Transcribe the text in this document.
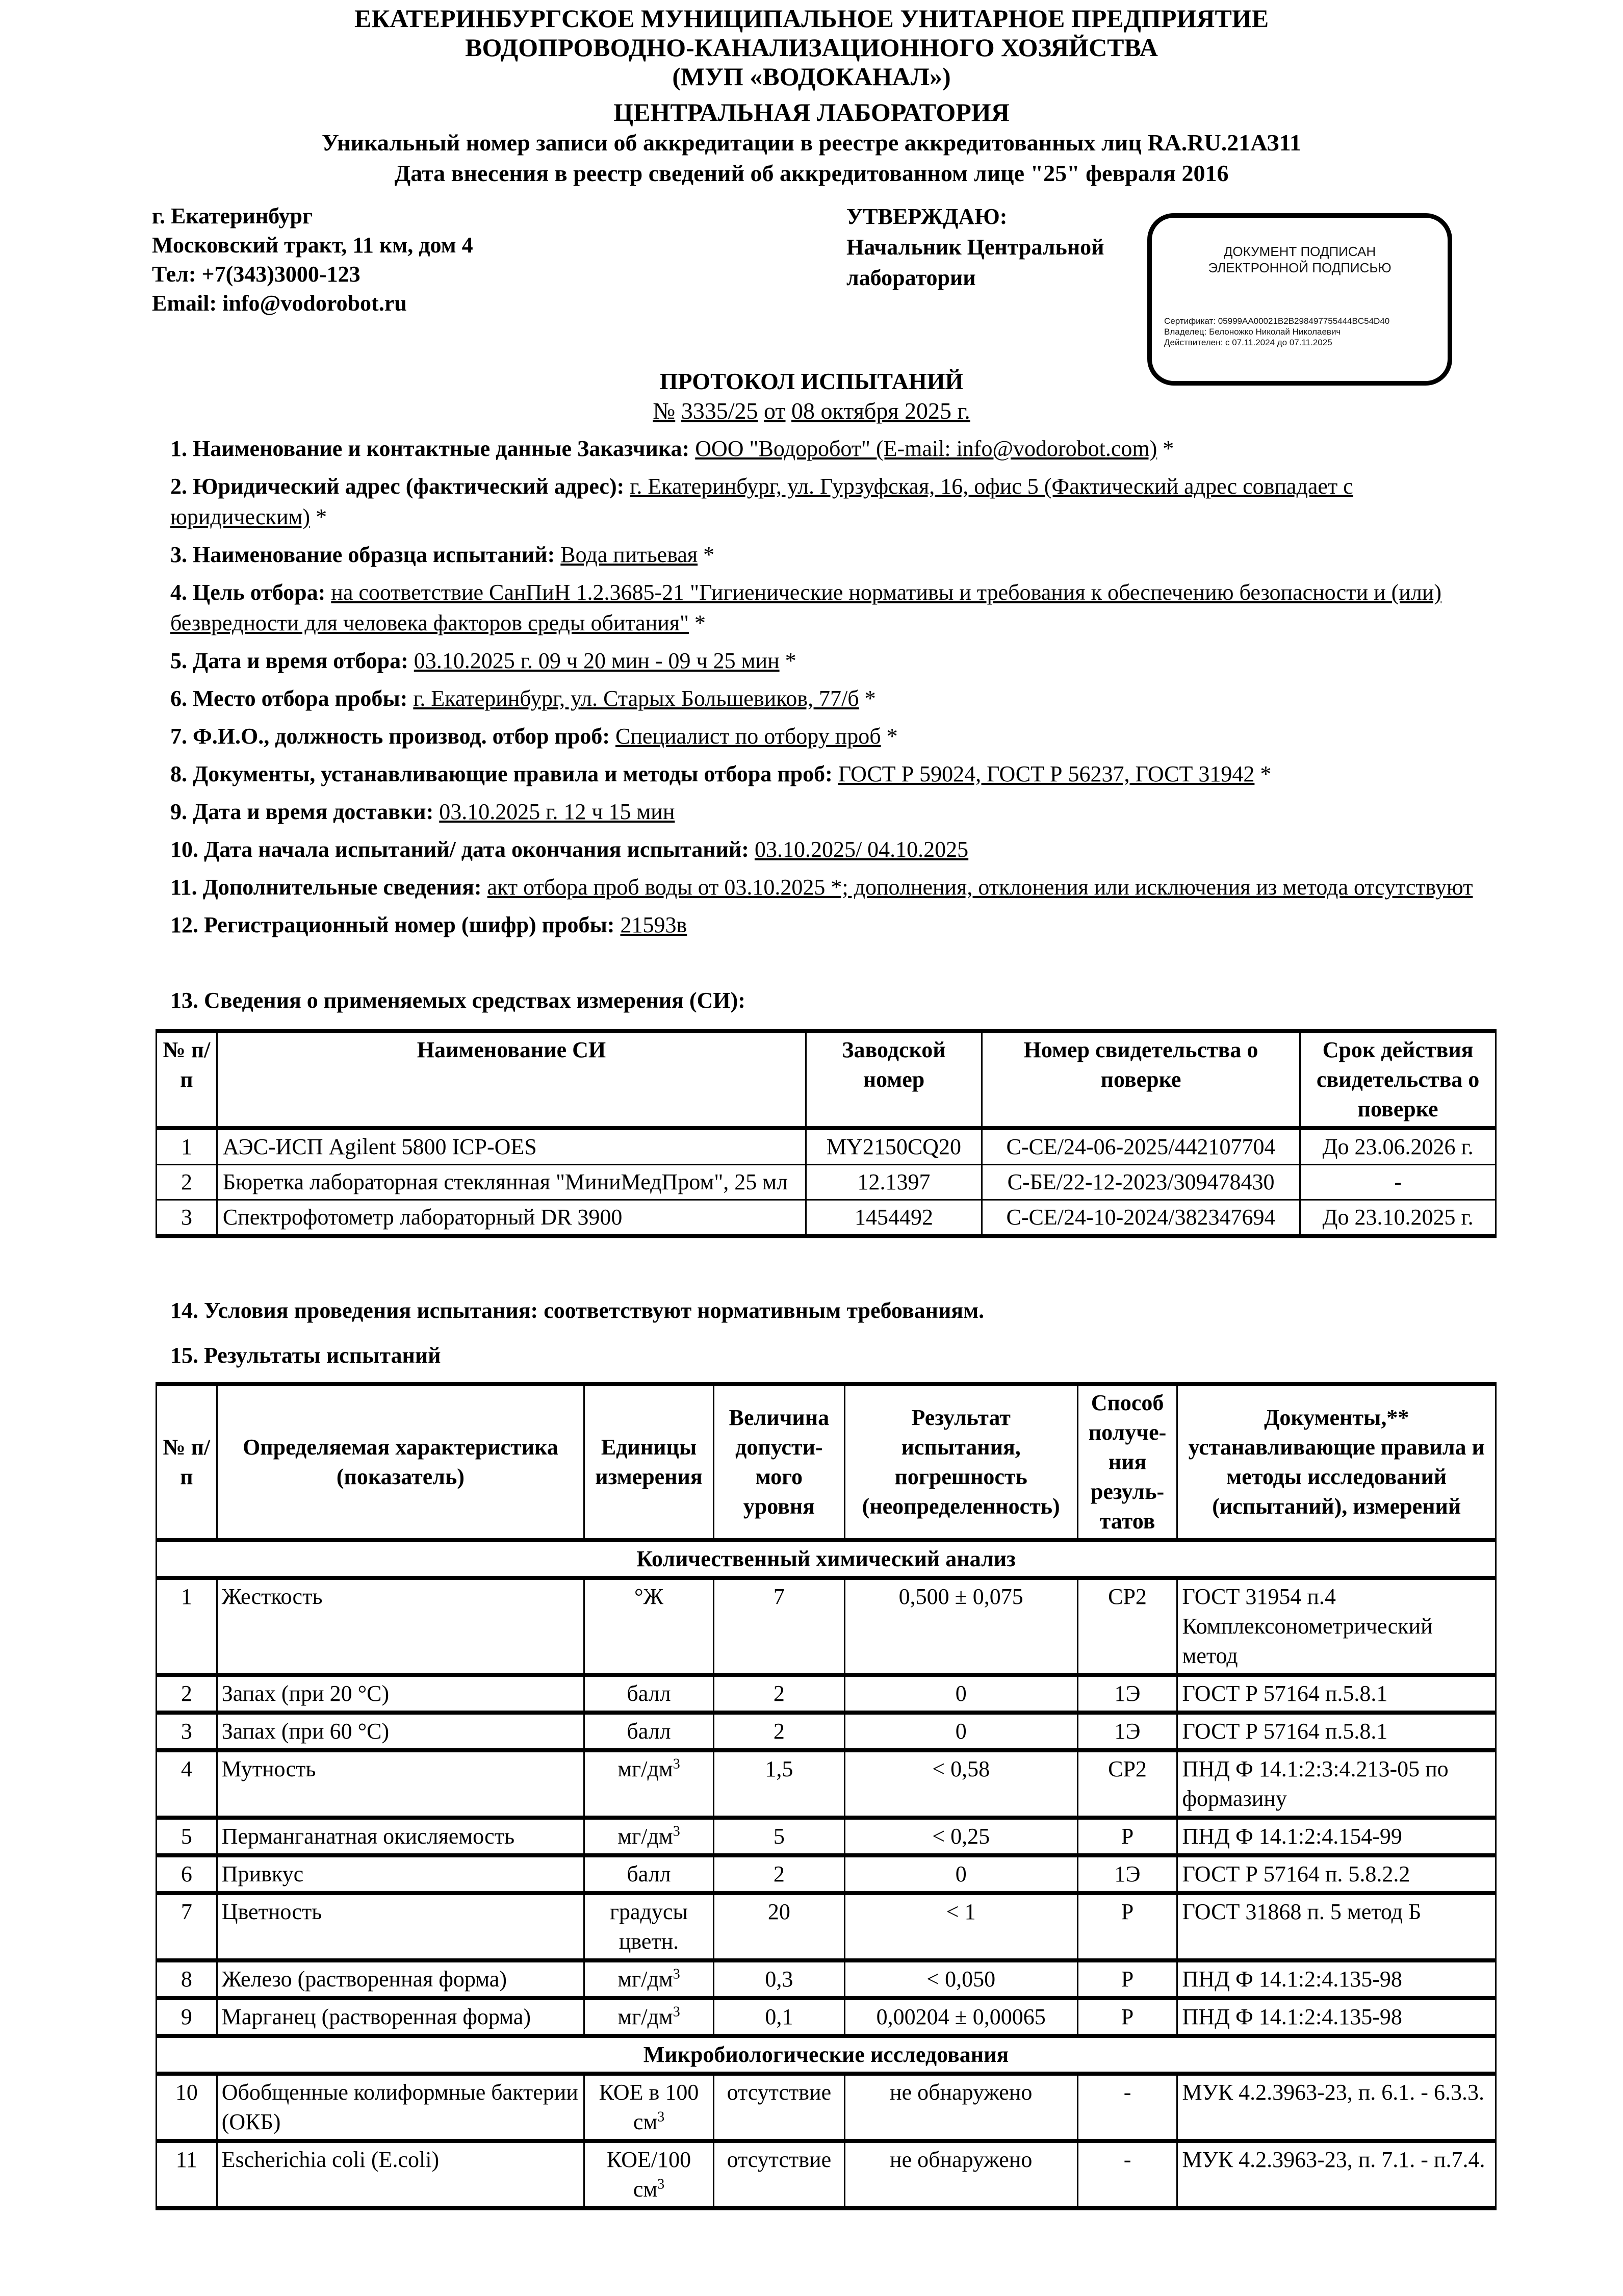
ЕКАТЕРИНБУРГСКОЕ МУНИЦИПАЛЬНОЕ УНИТАРНОЕ ПРЕДПРИЯТИЕ
ВОДОПРОВОДНО-КАНАЛИЗАЦИОННОГО ХОЗЯЙСТВА
(МУП «ВОДОКАНАЛ»)
ЦЕНТРАЛЬНАЯ ЛАБОРАТОРИЯ
Уникальный номер записи об аккредитации в реестре аккредитованных лиц RA.RU.21АЗ11
Дата внесения в реестр сведений об аккредитованном лице "25" февраля 2016
г. Екатеринбург
Московский тракт, 11 км, дом 4
Тел: +7(343)3000-123
Email: info@vodorobot.ru
УТВЕРЖДАЮ:
Начальник Центральной
лаборатории
ДОКУМЕНТ ПОДПИСАН
ЭЛЕКТРОННОЙ ПОДПИСЬЮ
Сертификат: 05999AA00021B2B298497755444BC54D40
Владелец: Белоножко Николай Николаевич
Действителен: с 07.11.2024 до 07.11.2025
ПРОТОКОЛ ИСПЫТАНИЙ
№ 3335/25 от 08 октября 2025 г.
1. Наименование и контактные данные Заказчика: ООО "Водоробот" (E-mail: info@vodorobot.com) *
2. Юридический адрес (фактический адрес): г. Екатеринбург, ул. Гурзуфская, 16, офис 5 (Фактический адрес совпадает с юридическим) *
3. Наименование образца испытаний: Вода питьевая *
4. Цель отбора: на соответствие СанПиН 1.2.3685-21 "Гигиенические нормативы и требования к обеспечению безопасности и (или) безвредности для человека факторов среды обитания" *
5. Дата и время отбора: 03.10.2025 г. 09 ч 20 мин - 09 ч 25 мин *
6. Место отбора пробы: г. Екатеринбург, ул. Старых Большевиков, 77/б *
7. Ф.И.О., должность производ. отбор проб: Специалист по отбору проб *
8. Документы, устанавливающие правила и методы отбора проб: ГОСТ Р 59024, ГОСТ Р 56237, ГОСТ 31942 *
9. Дата и время доставки: 03.10.2025 г. 12 ч 15 мин
10. Дата начала испытаний/ дата окончания испытаний: 03.10.2025/ 04.10.2025
11. Дополнительные сведения: акт отбора проб воды от 03.10.2025 *; дополнения, отклонения или исключения из метода отсутствуют
12. Регистрационный номер (шифр) пробы: 21593в
13. Сведения о применяемых средствах измерения (СИ):
№ п/п	Наименование СИ	Заводской номер	Номер свидетельства о поверке	Срок действия свидетельства о поверке
1	АЭС-ИСП Agilent 5800 ICP-OES	MY2150CQ20	С-СЕ/24-06-2025/442107704	До 23.06.2026 г.
2	Бюретка лабораторная стеклянная "МиниМедПром", 25 мл	12.1397	С-БЕ/22-12-2023/309478430	-
3	Спектрофотометр лабораторный DR 3900	1454492	С-СЕ/24-10-2024/382347694	До 23.10.2025 г.
14. Условия проведения испытания: соответствуют нормативным требованиям.
15. Результаты испытаний
№ п/п	Определяемая характеристика (показатель)	Единицы измерения	Величина допусти-мого уровня	Результат испытания, погрешность (неопределенность)	Способ получе-ния резуль-татов	Документы,** устанавливающие правила и методы исследований (испытаний), измерений
Количественный химический анализ						
1	Жесткость	°Ж	7	0,500 ± 0,075	СР2	ГОСТ 31954 п.4 Комплексонометрический метод
2	Запах (при 20 °С)	балл	2	0	1Э	ГОСТ Р 57164 п.5.8.1
3	Запах (при 60 °С)	балл	2	0	1Э	ГОСТ Р 57164 п.5.8.1
4	Мутность	$мг/дм^3$	1,5	< 0,58	СР2	ПНД Ф 14.1:2:3:4.213-05 по формазину
5	Перманганатная окисляемость	$мг/дм^3$	5	< 0,25	Р	ПНД Ф 14.1:2:4.154-99
6	Привкус	балл	2	0	1Э	ГОСТ Р 57164 п. 5.8.2.2
7	Цветность	градусы цветн.	20	< 1	Р	ГОСТ 31868 п. 5 метод Б
8	Железо (растворенная форма)	$мг/дм^3$	0,3	< 0,050	Р	ПНД Ф 14.1:2:4.135-98
9	Марганец (растворенная форма)	$мг/дм^3$	0,1	0,00204 ± 0,00065	Р	ПНД Ф 14.1:2:4.135-98
Микробиологические исследования						
10	Обобщенные колиформные бактерии (ОКБ)	КОЕ в 100 $см^3$	отсутствие	не обнаружено	-	МУК 4.2.3963-23, п. 6.1. - 6.3.3.
11	Escherichia coli (E.coli)	КОЕ/100 $см^3$	отсутствие	не обнаружено	-	МУК 4.2.3963-23, п. 7.1. - п.7.4.
